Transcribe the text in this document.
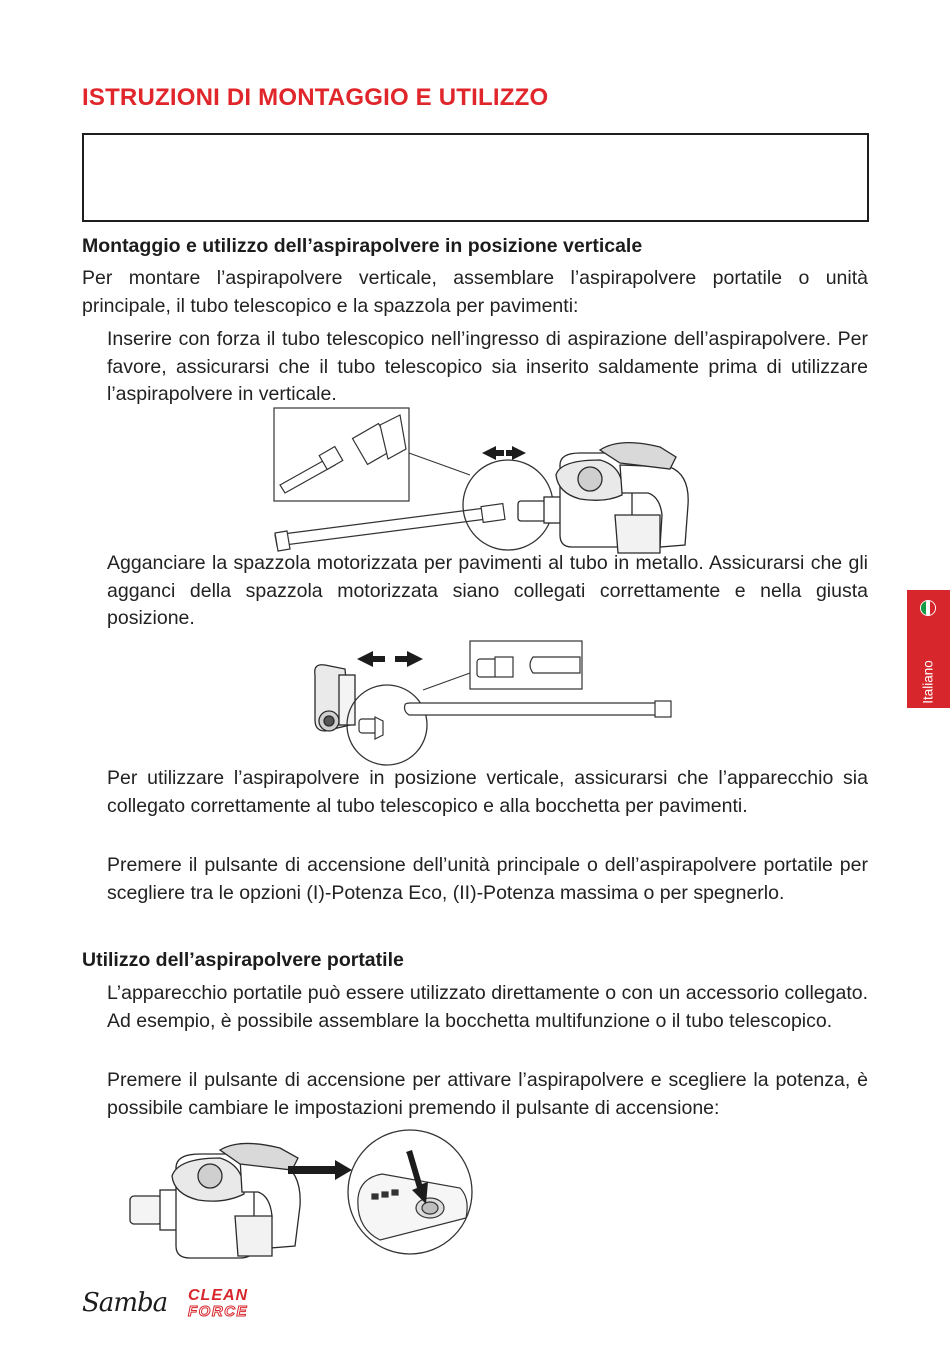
ISTRUZIONI DI MONTAGGIO E UTILIZZO
Montaggio e utilizzo dell’aspirapolvere in posizione verticale

Per montare l’aspirapolvere verticale, assemblare l’aspirapolvere portatile o unità principale, il tubo telescopico e la spazzola per pavimenti:

Inserire con forza il tubo telescopico nell’ingresso di aspirazione dell’aspirapolvere. Per favore, assicurarsi che il tubo telescopico sia inserito saldamente prima di utilizzare l’aspirapolvere in verticale.

Agganciare la spazzola motorizzata per pavimenti al tubo in metallo. Assicurarsi che gli agganci della spazzola motorizzata siano collegati correttamente e nella giusta posizione.

Per utilizzare l’aspirapolvere in posizione verticale, assicurarsi che l’apparecchio sia collegato correttamente al tubo telescopico e alla bocchetta per pavimenti.

Premere il pulsante di accensione dell’unità principale o dell’aspirapolvere portatile per scegliere tra le opzioni (I)-Potenza Eco, (II)-Potenza massima o per spegnerlo.

Utilizzo dell’aspirapolvere portatile

L’apparecchio portatile può essere utilizzato direttamente o con un accessorio collegato. Ad esempio, è possibile assemblare la bocchetta multifunzione o il tubo telescopico.

Premere il pulsante di accensione per attivare l’aspirapolvere e scegliere la potenza, è possibile cambiare le impostazioni premendo il pulsante di accensione:

Italiano
Samba CLEAN
FORCE
